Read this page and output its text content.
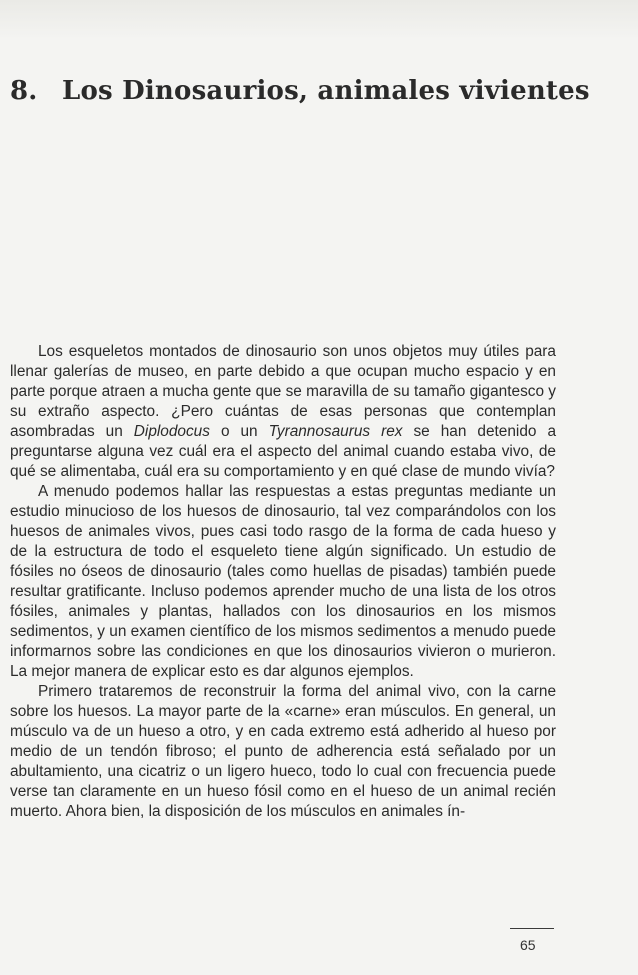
8. Los Dinosaurios, animales vivientes

Los esqueletos montados de dinosaurio son unos objetos muy útiles para llenar galerías de museo, en parte debido a que ocupan mucho espacio y en parte porque atraen a mucha gente que se maravilla de su tamaño gigantesco y su extraño aspecto. ¿Pero cuántas de esas personas que contemplan asombradas un Diplodocus o un Tyrannosaurus rex se han detenido a preguntarse alguna vez cuál era el aspecto del animal cuando estaba vivo, de qué se alimentaba, cuál era su comportamiento y en qué clase de mundo vivía?

A menudo podemos hallar las respuestas a estas preguntas mediante un estudio minucioso de los huesos de dinosaurio, tal vez comparándolos con los huesos de animales vivos, pues casi todo rasgo de la forma de cada hueso y de la estructura de todo el esqueleto tiene algún significado. Un estudio de fósiles no óseos de dinosaurio (tales como huellas de pisadas) también puede resultar gratificante. Incluso podemos aprender mucho de una lista de los otros fósiles, animales y plantas, hallados con los dinosaurios en los mismos sedimentos, y un examen científico de los mismos sedimentos a menudo puede informarnos sobre las condiciones en que los dinosaurios vivieron o murieron. La mejor manera de explicar esto es dar algunos ejemplos.

Primero trataremos de reconstruir la forma del animal vivo, con la carne sobre los huesos. La mayor parte de la «carne» eran músculos. En general, un músculo va de un hueso a otro, y en cada extremo está adherido al hueso por medio de un tendón fibroso; el punto de adherencia está señalado por un abultamiento, una cicatriz o un ligero hueco, todo lo cual con frecuencia puede verse tan claramente en un hueso fósil como en el hueso de un animal recién muerto. Ahora bien, la disposición de los músculos en animales ín-

65
